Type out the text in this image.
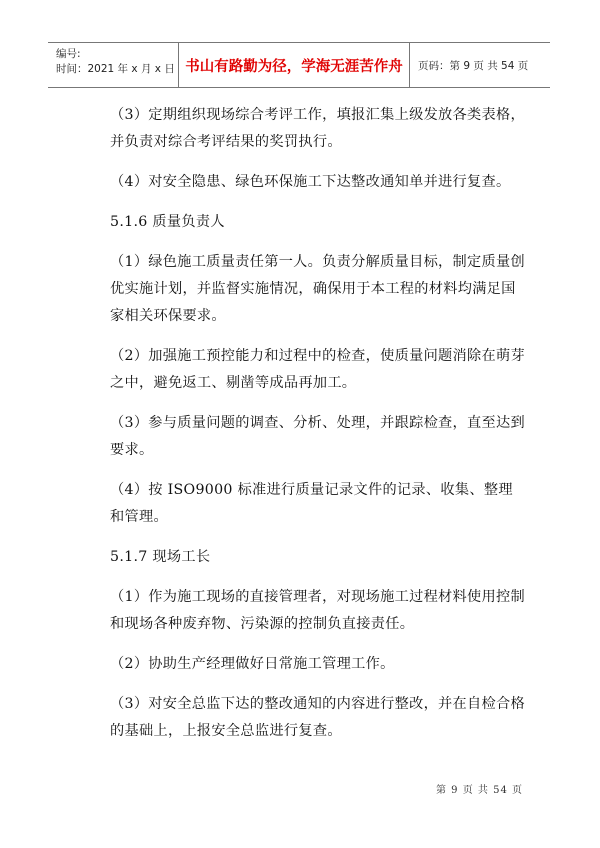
编号:
时间：2021 年 x 月 x 日 书山有路勤为径，学海无涯苦作舟	页码：第 9 页 共 54 页

（3）定期组织现场综合考评工作，填报汇集上级发放各类表格，并负责对综合考评结果的奖罚执行。

（4）对安全隐患、绿色环保施工下达整改通知单并进行复查。

5.1.6 质量负责人

（1）绿色施工质量责任第一人。负责分解质量目标，制定质量创优实施计划，并监督实施情况，确保用于本工程的材料均满足国家相关环保要求。

（2）加强施工预控能力和过程中的检查，使质量问题消除在萌芽之中，避免返工、剔凿等成品再加工。

（3）参与质量问题的调查、分析、处理，并跟踪检查，直至达到要求。

（4）按 ISO9000 标准进行质量记录文件的记录、收集、整理和管理。

5.1.7 现场工长

（1）作为施工现场的直接管理者，对现场施工过程材料使用控制和现场各种废弃物、污染源的控制负直接责任。

（2）协助生产经理做好日常施工管理工作。

（3）对安全总监下达的整改通知的内容进行整改，并在自检合格的基础上，上报安全总监进行复查。

第 9 页 共 54 页
